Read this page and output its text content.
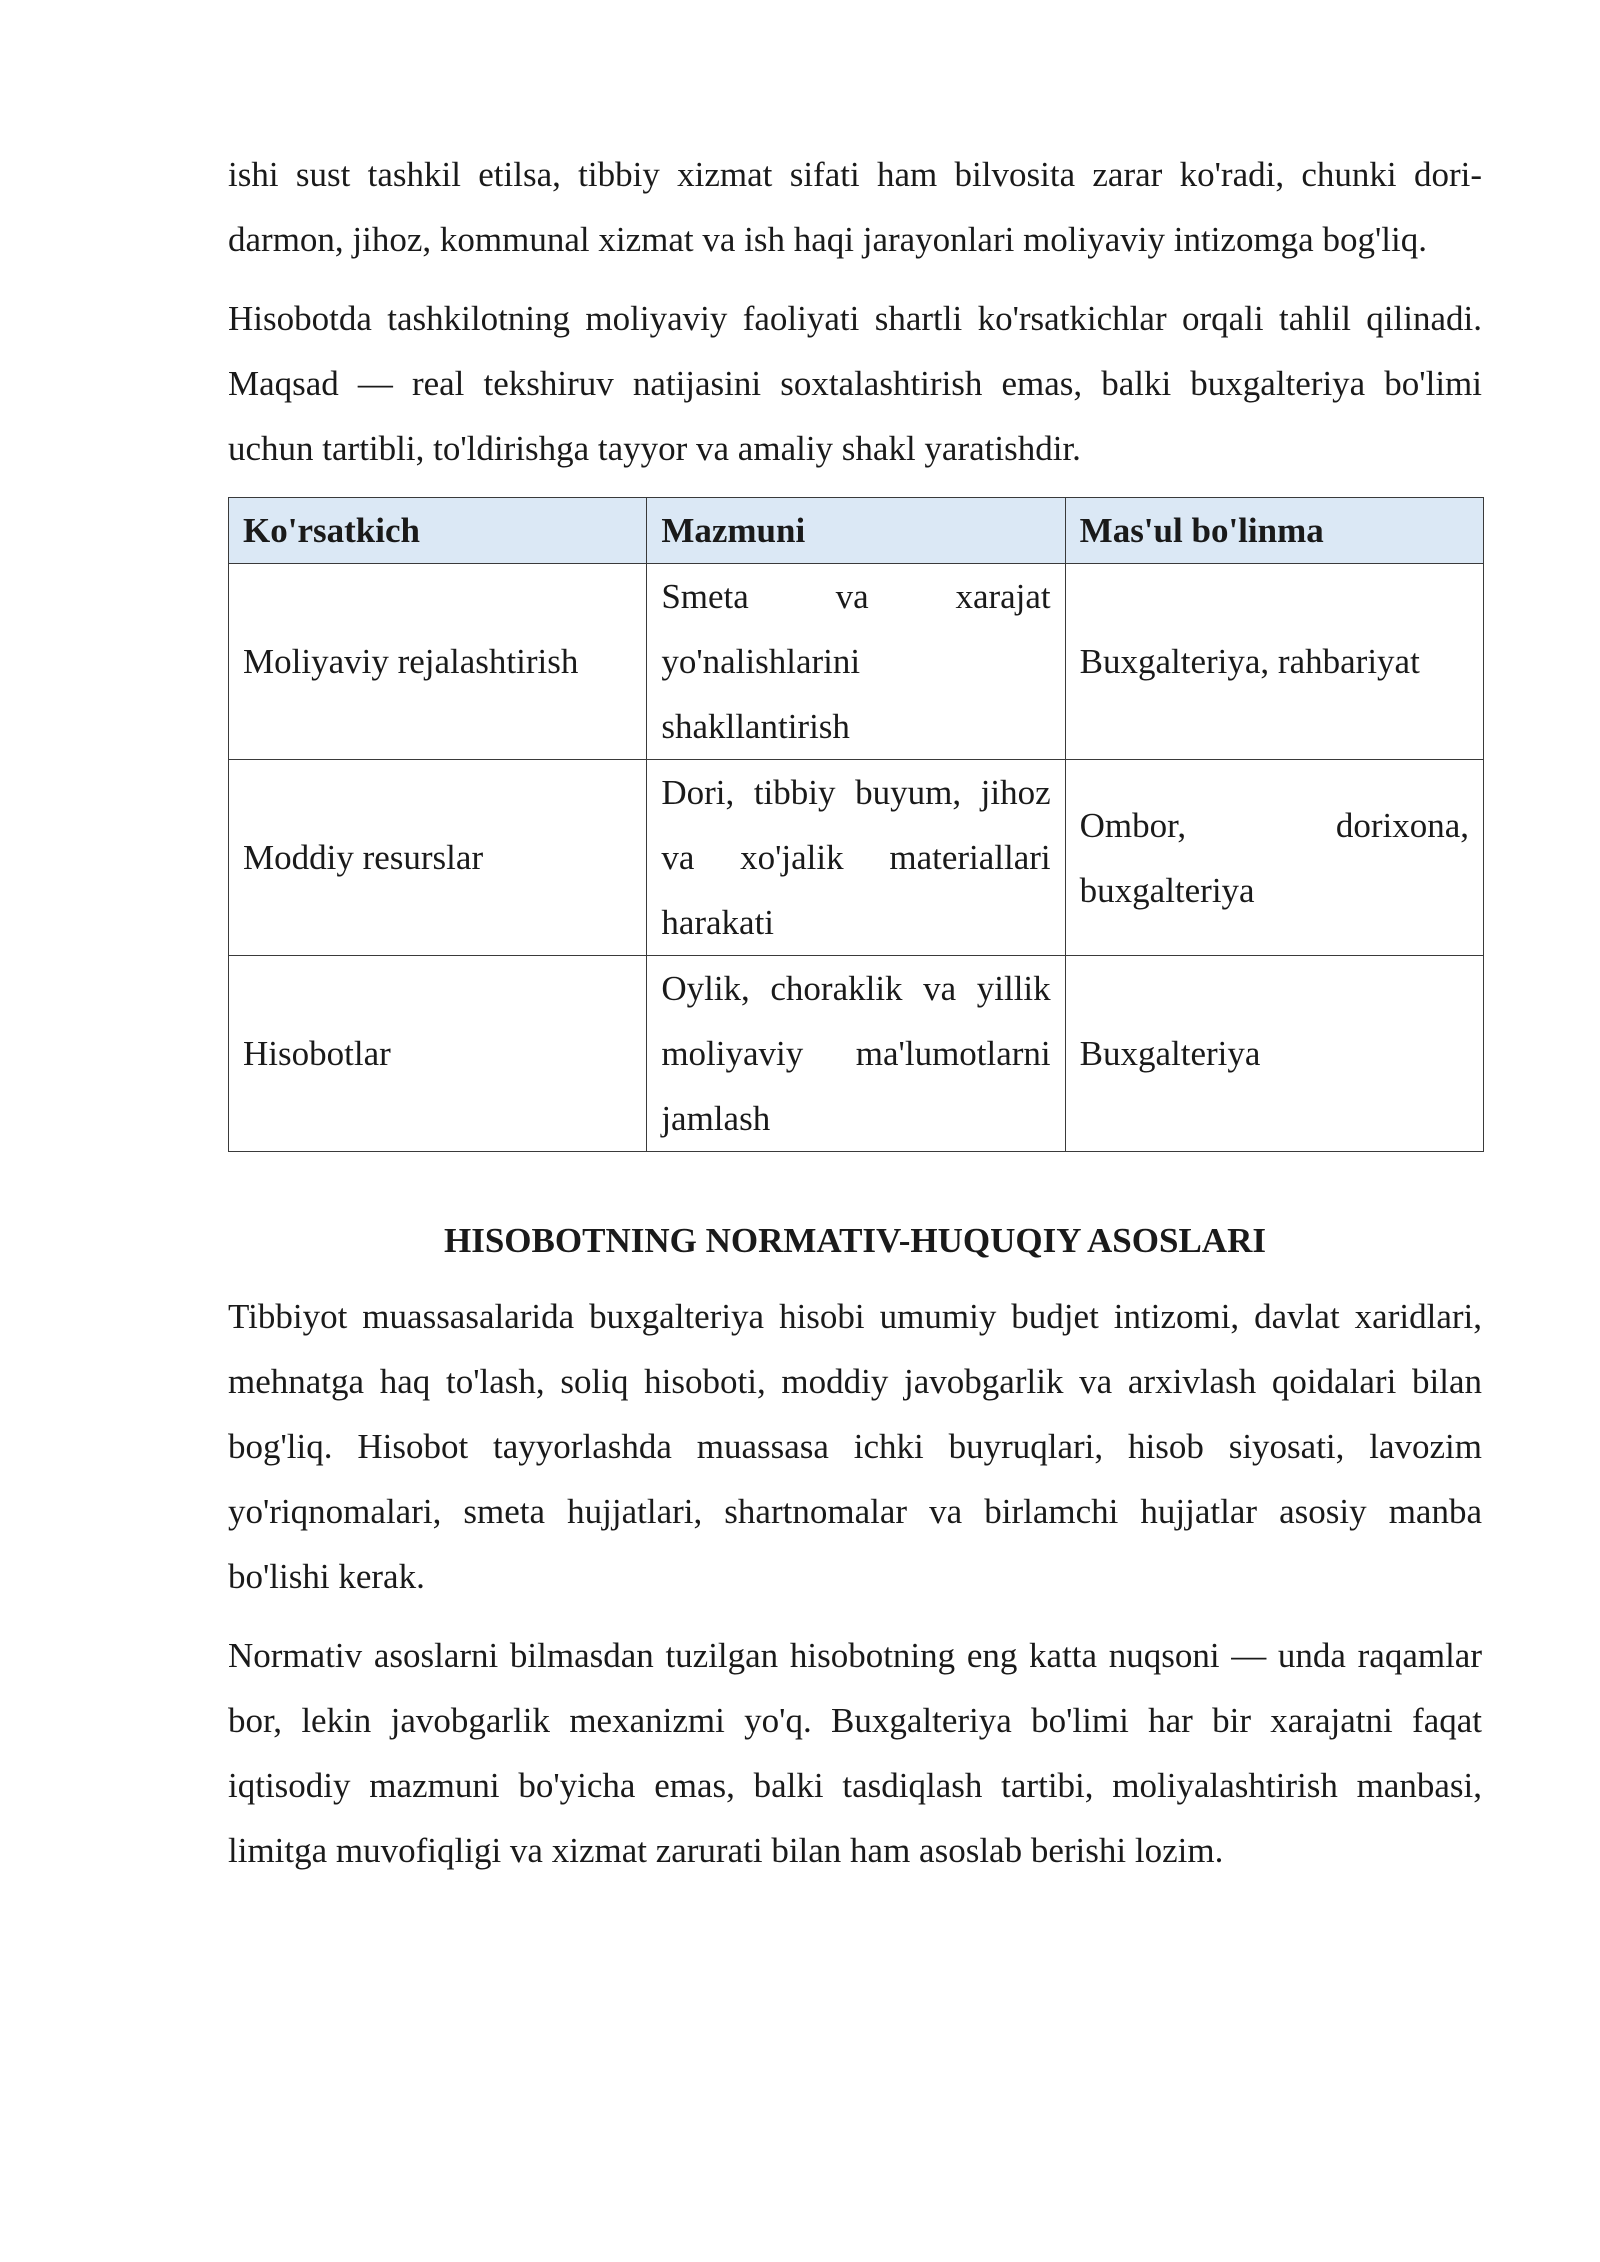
ishi sust tashkil etilsa, tibbiy xizmat sifati ham bilvosita zarar ko'radi, chunki dori-darmon, jihoz, kommunal xizmat va ish haqi jarayonlari moliyaviy intizomga bog'liq.

Hisobotda tashkilotning moliyaviy faoliyati shartli ko'rsatkichlar orqali tahlil qilinadi. Maqsad — real tekshiruv natijasini soxtalashtirish emas, balki buxgalteriya bo'limi uchun tartibli, to'ldirishga tayyor va amaliy shakl yaratishdir.

Ko'rsatkich	Mazmuni	Mas'ul bo'linma
Moliyaviy rejalashtirish	Smeta va xarajat yo'nalishlarini shakllantirish	Buxgalteriya, rahbariyat
Moddiy resurslar	Dori, tibbiy buyum, jihoz va xo'jalik materiallari harakati	Ombor, dorixona, buxgalteriya
Hisobotlar	Oylik, choraklik va yillik moliyaviy ma'lumotlarni jamlash	Buxgalteriya
HISOBOTNING NORMATIV-HUQUQIY ASOSLARI

Tibbiyot muassasalarida buxgalteriya hisobi umumiy budjet intizomi, davlat xaridlari, mehnatga haq to'lash, soliq hisoboti, moddiy javobgarlik va arxivlash qoidalari bilan bog'liq. Hisobot tayyorlashda muassasa ichki buyruqlari, hisob siyosati, lavozim yo'riqnomalari, smeta hujjatlari, shartnomalar va birlamchi hujjatlar asosiy manba bo'lishi kerak.

Normativ asoslarni bilmasdan tuzilgan hisobotning eng katta nuqsoni — unda raqamlar bor, lekin javobgarlik mexanizmi yo'q. Buxgalteriya bo'limi har bir xarajatni faqat iqtisodiy mazmuni bo'yicha emas, balki tasdiqlash tartibi, moliyalashtirish manbasi, limitga muvofiqligi va xizmat zarurati bilan ham asoslab berishi lozim.
